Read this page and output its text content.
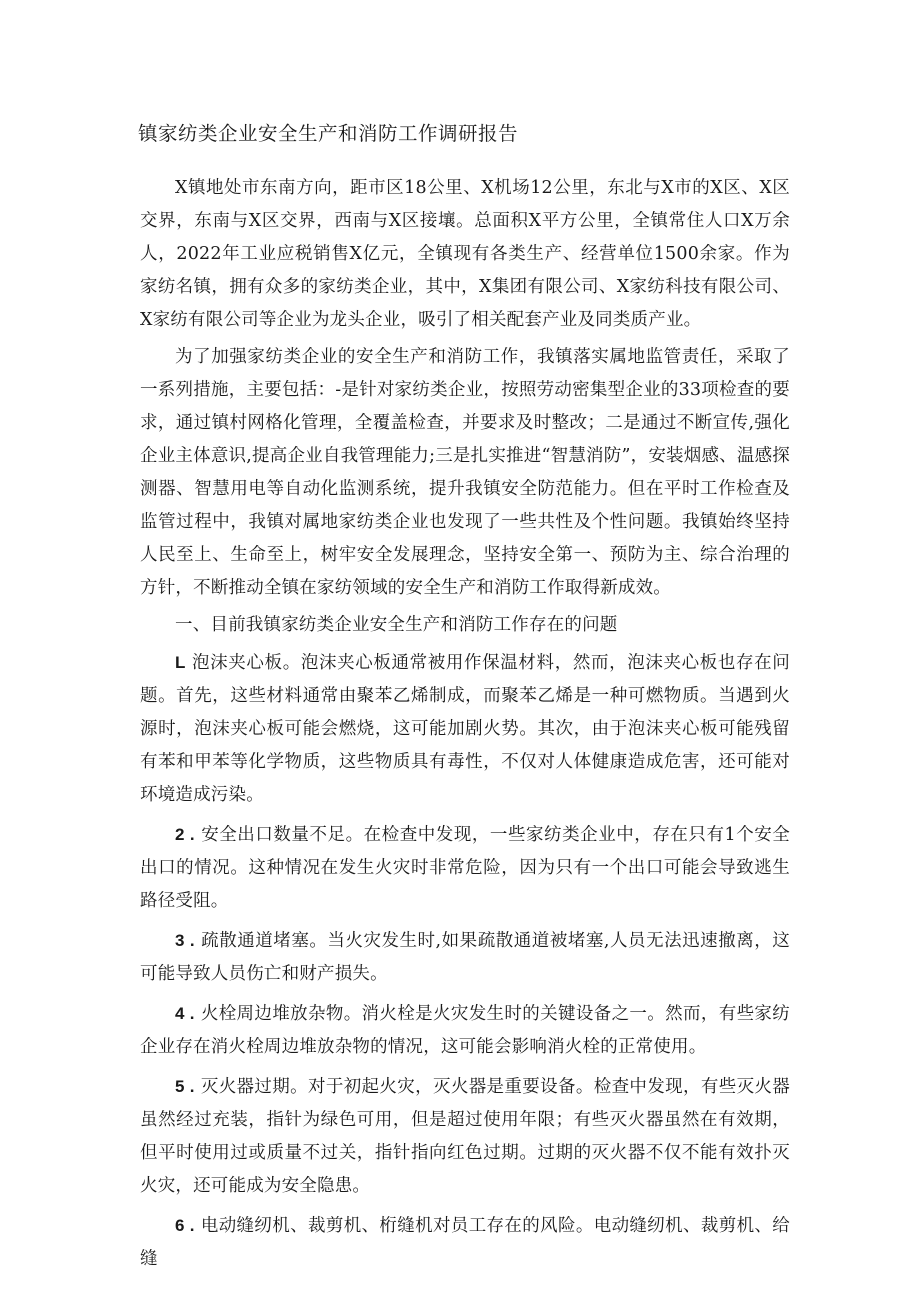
镇家纺类企业安全生产和消防工作调研报告

X镇地处市东南方向，距市区18公里、X机场12公里，东北与X市的X区、X区交界，东南与X区交界，西南与X区接壤。总面积X平方公里，全镇常住人口X万余人，2022年工业应税销售X亿元，全镇现有各类生产、经营单位1500余家。作为家纺名镇，拥有众多的家纺类企业，其中，X集团有限公司、X家纺科技有限公司、X家纺有限公司等企业为龙头企业，吸引了相关配套产业及同类质产业。

为了加强家纺类企业的安全生产和消防工作，我镇落实属地监管责任，采取了一系列措施，主要包括：-是针对家纺类企业，按照劳动密集型企业的33项检查的要求，通过镇村网格化管理，全覆盖检查，并要求及时整改；二是通过不断宣传,强化企业主体意识,提高企业自我管理能力;三是扎实推进“智慧消防”，安装烟感、温感探测器、智慧用电等自动化监测系统，提升我镇安全防范能力。但在平时工作检查及监管过程中，我镇对属地家纺类企业也发现了一些共性及个性问题。我镇始终坚持人民至上、生命至上，树牢安全发展理念，坚持安全第一、预防为主、综合治理的方针，不断推动全镇在家纺领域的安全生产和消防工作取得新成效。

一、目前我镇家纺类企业安全生产和消防工作存在的问题

L 泡沫夹心板。泡沫夹心板通常被用作保温材料，然而，泡沫夹心板也存在问题。首先，这些材料通常由聚苯乙烯制成，而聚苯乙烯是一种可燃物质。当遇到火源时，泡沫夹心板可能会燃烧，这可能加剧火势。其次，由于泡沫夹心板可能残留有苯和甲苯等化学物质，这些物质具有毒性，不仅对人体健康造成危害，还可能对环境造成污染。

2 . 安全出口数量不足。在检查中发现，一些家纺类企业中，存在只有1个安全出口的情况。这种情况在发生火灾时非常危险，因为只有一个出口可能会导致逃生路径受阻。

3 . 疏散通道堵塞。当火灾发生时,如果疏散通道被堵塞,人员无法迅速撤离，这可能导致人员伤亡和财产损失。

4 . 火栓周边堆放杂物。消火栓是火灾发生时的关键设备之一。然而，有些家纺企业存在消火栓周边堆放杂物的情况，这可能会影响消火栓的正常使用。

5 . 灭火器过期。对于初起火灾，灭火器是重要设备。检查中发现，有些灭火器虽然经过充装，指针为绿色可用，但是超过使用年限；有些灭火器虽然在有效期，但平时使用过或质量不过关，指针指向红色过期。过期的灭火器不仅不能有效扑灭火灾，还可能成为安全隐患。

6 . 电动缝纫机、裁剪机、桁缝机对员工存在的风险。电动缝纫机、裁剪机、给缝
